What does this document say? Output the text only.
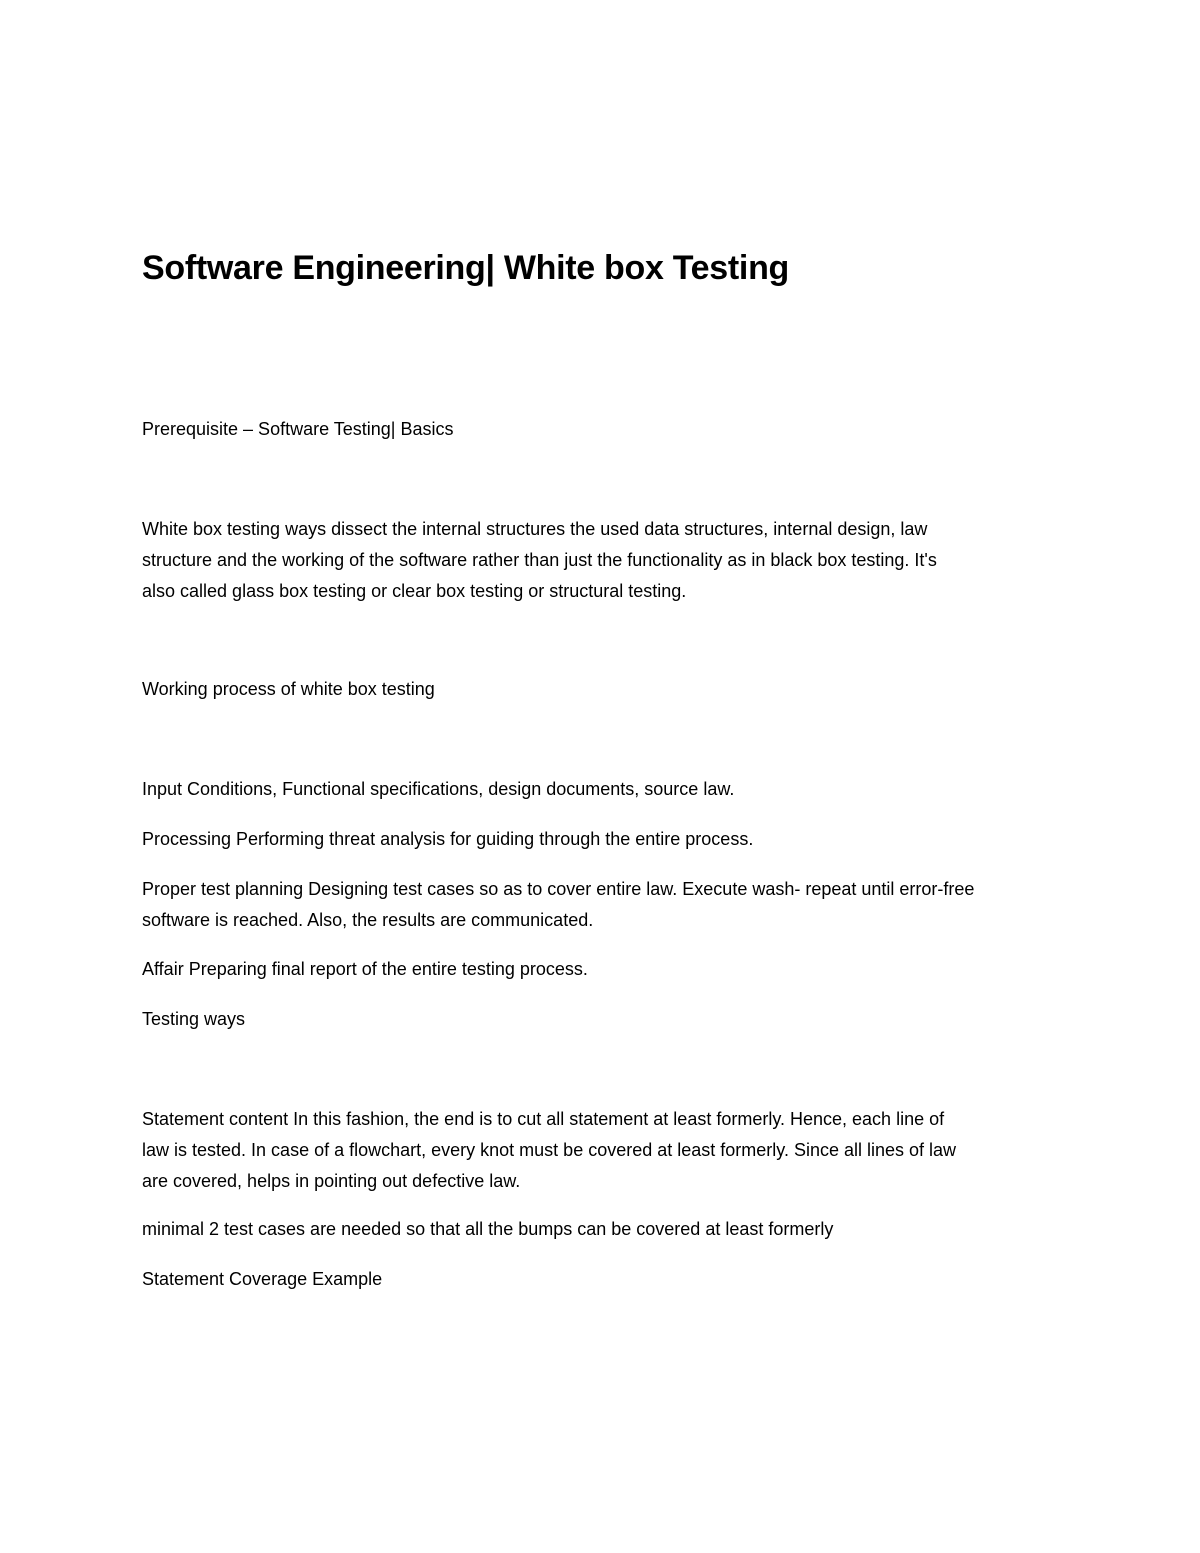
Software Engineering| White box Testing
Prerequisite – Software Testing| Basics
White box testing ways dissect the internal structures the used data structures, internal design, law
structure and the working of the software rather than just the functionality as in black box testing. It's
also called glass box testing or clear box testing or structural testing.
Working process of white box testing
Input Conditions, Functional specifications, design documents, source law.
Processing Performing threat analysis for guiding through the entire process.
Proper test planning Designing test cases so as to cover entire law. Execute wash- repeat until error-free
software is reached. Also, the results are communicated.
Affair Preparing final report of the entire testing process.
Testing ways
Statement content In this fashion, the end is to cut all statement at least formerly. Hence, each line of
law is tested. In case of a flowchart, every knot must be covered at least formerly. Since all lines of law
are covered, helps in pointing out defective law.
minimal 2 test cases are needed so that all the bumps can be covered at least formerly
Statement Coverage Example
